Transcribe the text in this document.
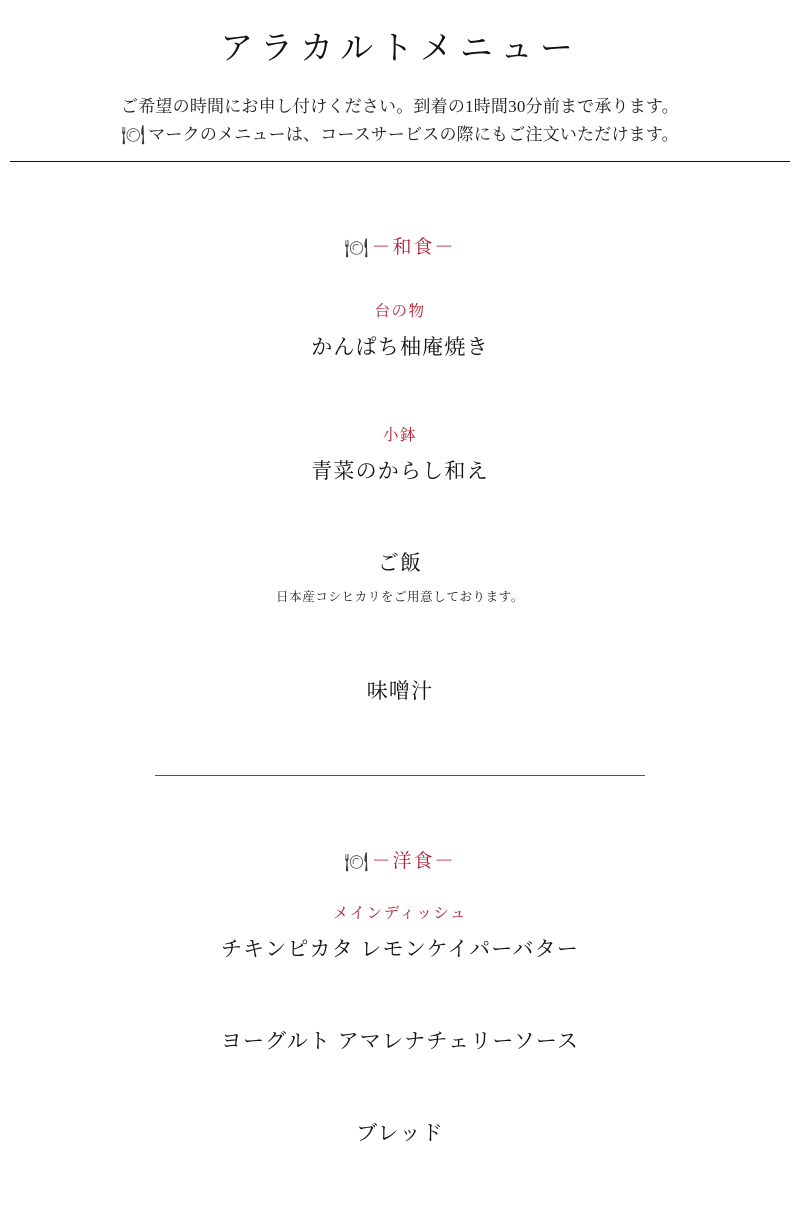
アラカルトメニュー
ご希望の時間にお申し付けください。到着の1時間30分前まで承ります。
🍽 マークのメニューは、コースサービスの際にもご注文いただけます。

🍽 －和食－

台の物

かんぱち柚庵焼き

小鉢

青菜のからし和え

ご飯

日本産コシヒカリをご用意しております。

味噌汁

🍽 －洋食－

メインディッシュ

チキンピカタ レモンケイパーバター

ヨーグルト アマレナチェリーソース

ブレッド
